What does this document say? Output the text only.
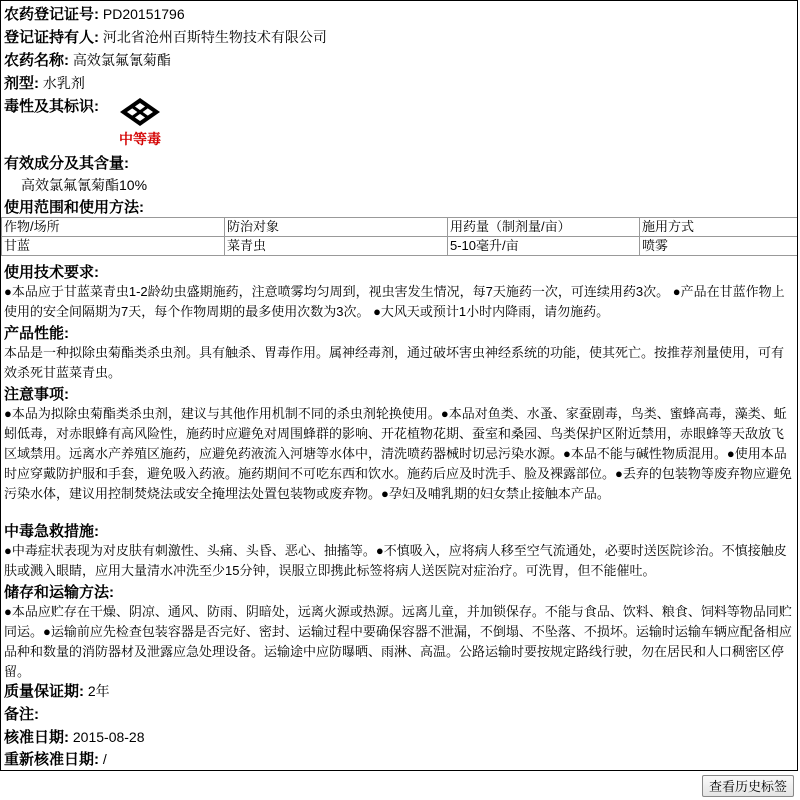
农药登记证号: PD20151796
登记证持有人: 河北省沧州百斯特生物技术有限公司
农药名称: 高效氯氟氰菊酯
剂型: 水乳剂
毒性及其标识:
中等毒
有效成分及其含量:
高效氯氟氰菊酯10%
使用范围和使用方法:
作物/场所	防治对象	用药量（制剂量/亩）	施用方式
甘蓝	菜青虫	5-10毫升/亩	喷雾
使用技术要求:
●本品应于甘蓝菜青虫1-2龄幼虫盛期施药，注意喷雾均匀周到，视虫害发生情况，每7天施药一次，可连续用药3次。 ●产品在甘蓝作物上使用的安全间隔期为7天，每个作物周期的最多使用次数为3次。 ●大风天或预计1小时内降雨，请勿施药。
产品性能:
本品是一种拟除虫菊酯类杀虫剂。具有触杀、胃毒作用。属神经毒剂，通过破坏害虫神经系统的功能，使其死亡。按推荐剂量使用，可有效杀死甘蓝菜青虫。
注意事项:
●本品为拟除虫菊酯类杀虫剂，建议与其他作用机制不同的杀虫剂轮换使用。●本品对鱼类、水蚤、家蚕剧毒，鸟类、蜜蜂高毒，藻类、蚯蚓低毒，对赤眼蜂有高风险性，施药时应避免对周围蜂群的影响、开花植物花期、蚕室和桑园、鸟类保护区附近禁用，赤眼蜂等天敌放飞区域禁用。远离水产养殖区施药，应避免药液流入河塘等水体中，清洗喷药器械时切忌污染水源。●本品不能与碱性物质混用。●使用本品时应穿戴防护服和手套，避免吸入药液。施药期间不可吃东西和饮水。施药后应及时洗手、脸及裸露部位。●丢弃的包装物等废弃物应避免污染水体，建议用控制焚烧法或安全掩埋法处置包装物或废弃物。●孕妇及哺乳期的妇女禁止接触本产品。
中毒急救措施:
●中毒症状表现为对皮肤有刺激性、头痛、头昏、恶心、抽搐等。●不慎吸入，应将病人移至空气流通处，必要时送医院诊治。不慎接触皮肤或溅入眼睛，应用大量清水冲洗至少15分钟，误服立即携此标签将病人送医院对症治疗。可洗胃，但不能催吐。
储存和运输方法:
●本品应贮存在干燥、阴凉、通风、防雨、阴暗处，远离火源或热源。远离儿童，并加锁保存。不能与食品、饮料、粮食、饲料等物品同贮同运。●运输前应先检查包装容器是否完好、密封、运输过程中要确保容器不泄漏，不倒塌、不坠落、不损坏。运输时运输车辆应配备相应品种和数量的消防器材及泄露应急处理设备。运输途中应防曝晒、雨淋、高温。公路运输时要按规定路线行驶，勿在居民和人口稠密区停留。
质量保证期: 2年
备注:
核准日期: 2015-08-28
重新核准日期: /
查看历史标签
